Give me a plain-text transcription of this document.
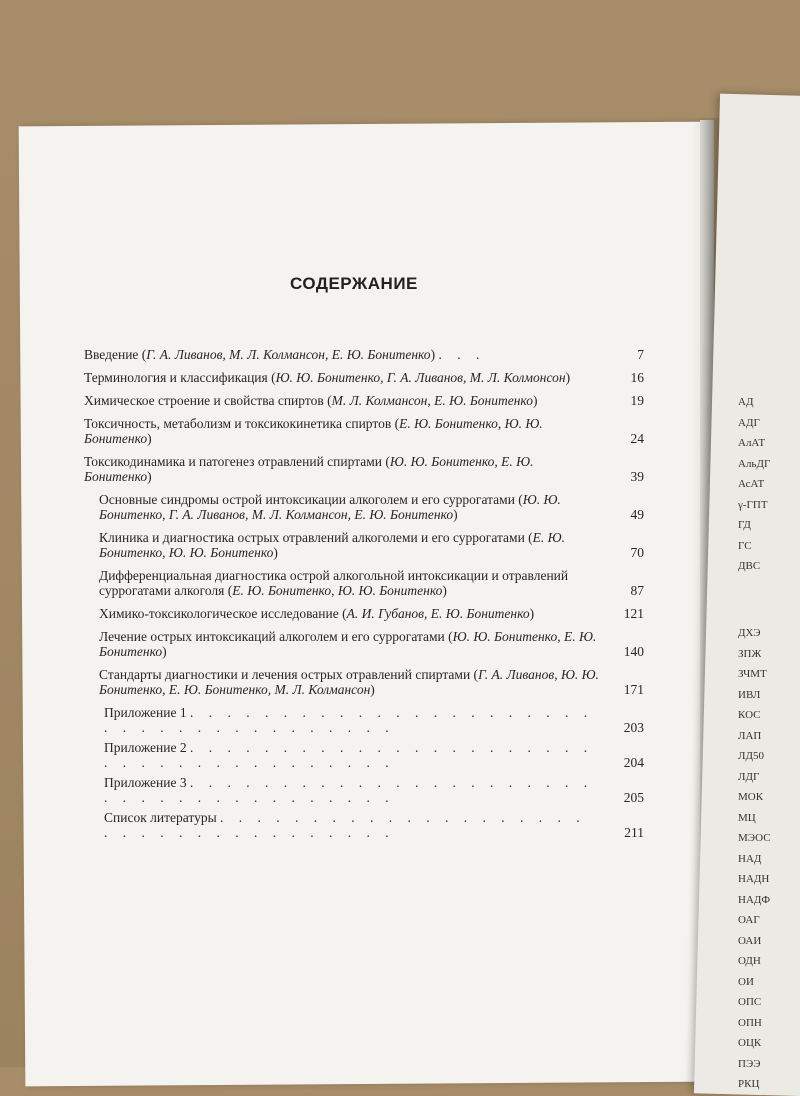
СОДЕРЖАНИЕ
Введение (Г. А. Ливанов, М. Л. Колмансон, Е. Ю. Бонитенко) . . .	7
Терминология и классификация (Ю. Ю. Бонитенко, Г. А. Ливанов, М. Л. Колмонсон)	16
Химическое строение и свойства спиртов (М. Л. Колмансон, Е. Ю. Бонитенко)	19
Токсичность, метаболизм и токсикокинетика спиртов (Е. Ю. Бонитенко, Ю. Ю. Бонитенко)	24
Токсикодинамика и патогенез отравлений спиртами (Ю. Ю. Бонитенко, Е. Ю. Бонитенко)	39
Основные синдромы острой интоксикации алкоголем и его суррогатами (Ю. Ю. Бонитенко, Г. А. Ливанов, М. Л. Колмансон, Е. Ю. Бонитенко)	49
Клиника и диагностика острых отравлений алкоголеми и его суррогатами (Е. Ю. Бонитенко, Ю. Ю. Бонитенко)	70
Дифференциальная диагностика острой алкогольной интоксикации и отравлений суррогатами алкоголя (Е. Ю. Бонитенко, Ю. Ю. Бонитенко)	87
Химико-токсикологическое исследование (А. И. Губанов, Е. Ю. Бонитенко)	121
Лечение острых интоксикаций алкоголем и его суррогатами (Ю. Ю. Бонитенко, Е. Ю. Бонитенко)	140
Стандарты диагностики и лечения острых отравлений спиртами (Г. А. Ливанов, Ю. Ю. Бонитенко, Е. Ю. Бонитенко, М. Л. Колмансон)	171
Приложение 1 . . . . . . . . . . . . . . . . . . . . . . . . . . . . . . . . . . . . . .	203
Приложение 2 . . . . . . . . . . . . . . . . . . . . . . . . . . . . . . . . . . . . . .	204
Приложение 3 . . . . . . . . . . . . . . . . . . . . . . . . . . . . . . . . . . . . . .	205
Список литературы . . . . . . . . . . . . . . . . . . . . . . . . . . . . . . . . . . . .	211
АД
АДГ
АлАТ
АльДГ
АсАТ
γ-ГПТ
ГД
ГС
ДВС
ДХЭ
ЗПЖ
ЗЧМТ
ИВЛ
КОС
ЛАП
ЛД50
ЛДГ
МОК
МЦ
МЭОС
НАД
НАДН
НАДФ
ОАГ
ОАИ
ОДН
ОИ
ОПС
ОПН
ОЦК
ПЭЭ
РКЦ
